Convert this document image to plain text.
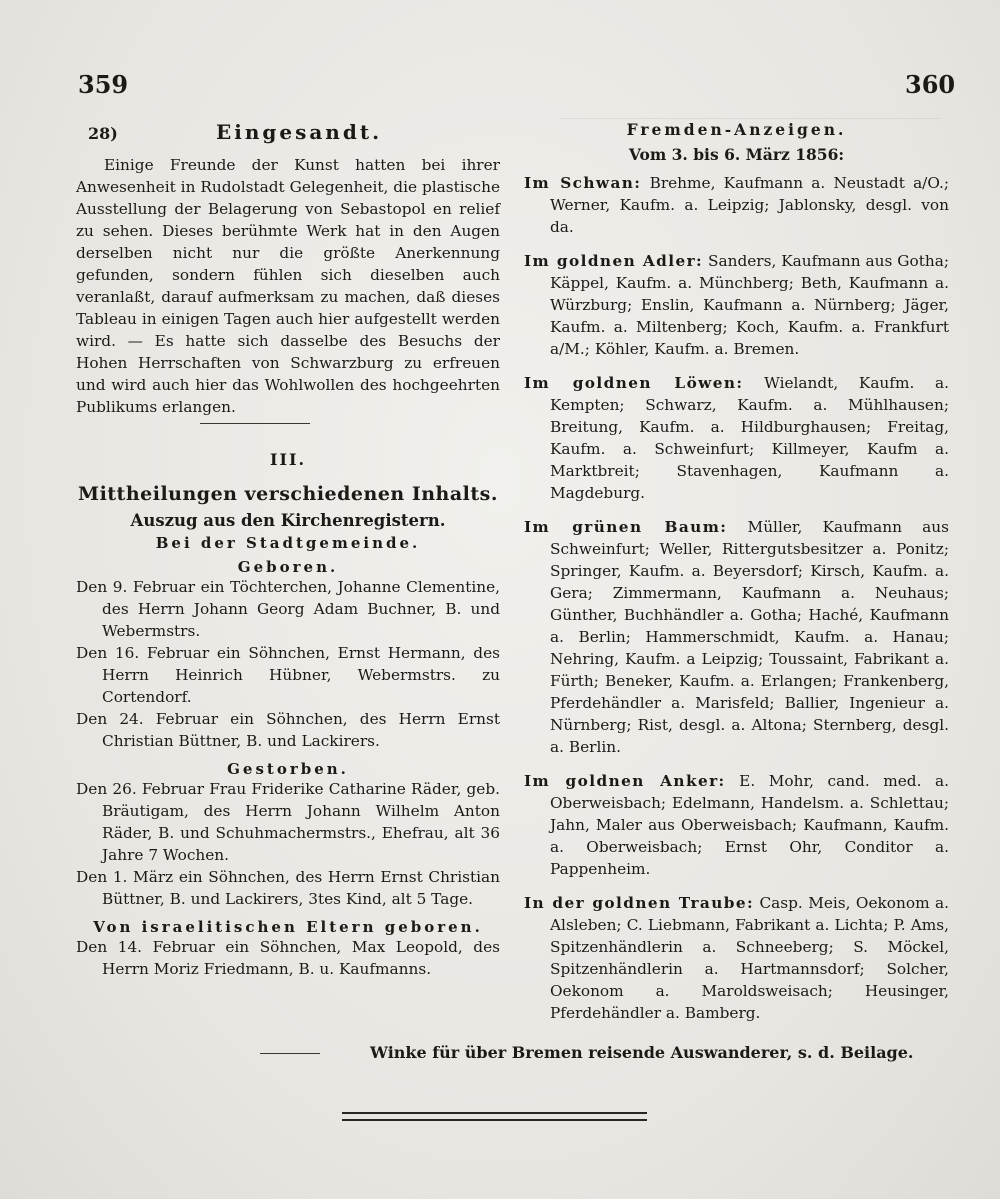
359	360
28)	Eingesandt.

Einige Freunde der Kunst hatten bei ihrer Anwesenheit in Rudolstadt Gelegenheit, die plastische Ausstellung der Belagerung von Sebastopol en relief zu sehen. Dieses berühmte Werk hat in den Augen derselben nicht nur die größte Anerkennung gefunden, sondern fühlen sich dieselben auch veranlaßt, darauf aufmerksam zu machen, daß dieses Tableau in einigen Tagen auch hier aufgestellt werden wird. — Es hatte sich dasselbe des Besuchs der Hohen Herrschaften von Schwarzburg zu erfreuen und wird auch hier das Wohlwollen des hochgeehrten Publikums erlangen.

III.
Mittheilungen verschiedenen Inhalts.
Auszug aus den Kirchenregistern.
Bei der Stadtgemeinde.
Geboren.

Den 9. Februar ein Töchterchen, Johanne Clementine, des Herrn Johann Georg Adam Buchner, B. und Webermstrs.

Den 16. Februar ein Söhnchen, Ernst Hermann, des Herrn Heinrich Hübner, Webermstrs. zu Cortendorf.

Den 24. Februar ein Söhnchen, des Herrn Ernst Christian Büttner, B. und Lackirers.

Gestorben.

Den 26. Februar Frau Friderike Catharine Räder, geb. Bräutigam, des Herrn Johann Wilhelm Anton Räder, B. und Schuhmachermstrs., Ehefrau, alt 36 Jahre 7 Wochen.

Den 1. März ein Söhnchen, des Herrn Ernst Christian Büttner, B. und Lackirers, 3tes Kind, alt 5 Tage.

Von israelitischen Eltern geboren.

Den 14. Februar ein Söhnchen, Max Leopold, des Herrn Moriz Friedmann, B. u. Kaufmanns.

Fremden-Anzeigen.
Vom 3. bis 6. März 1856:

Im Schwan: Brehme, Kaufmann a. Neustadt a/O.; Werner, Kaufm. a. Leipzig; Jablonsky, desgl. von da.

Im goldnen Adler: Sanders, Kaufmann aus Gotha; Käppel, Kaufm. a. Münchberg; Beth, Kaufmann a. Würzburg; Enslin, Kaufmann a. Nürnberg; Jäger, Kaufm. a. Miltenberg; Koch, Kaufm. a. Frankfurt a/M.; Köhler, Kaufm. a. Bremen.

Im goldnen Löwen: Wielandt, Kaufm. a. Kempten; Schwarz, Kaufm. a. Mühlhausen; Breitung, Kaufm. a. Hildburghausen; Freitag, Kaufm. a. Schweinfurt; Killmeyer, Kaufm a. Marktbreit; Stavenhagen, Kaufmann a. Magdeburg.

Im grünen Baum: Müller, Kaufmann aus Schweinfurt; Weller, Rittergutsbesitzer a. Ponitz; Springer, Kaufm. a. Beyersdorf; Kirsch, Kaufm. a. Gera; Zimmermann, Kaufmann a. Neuhaus; Günther, Buchhändler a. Gotha; Haché, Kaufmann a. Berlin; Hammerschmidt, Kaufm. a. Hanau; Nehring, Kaufm. a Leipzig; Toussaint, Fabrikant a. Fürth; Beneker, Kaufm. a. Erlangen; Frankenberg, Pferdehändler a. Marisfeld; Ballier, Ingenieur a. Nürnberg; Rist, desgl. a. Altona; Sternberg, desgl. a. Berlin.

Im goldnen Anker: E. Mohr, cand. med. a. Oberweisbach; Edelmann, Handelsm. a. Schlettau; Jahn, Maler aus Oberweisbach; Kaufmann, Kaufm. a. Oberweisbach; Ernst Ohr, Conditor a. Pappenheim.

In der goldnen Traube: Casp. Meis, Oekonom a. Alsleben; C. Liebmann, Fabrikant a. Lichta; P. Ams, Spitzenhändlerin a. Schneeberg; S. Möckel, Spitzenhändlerin a. Hartmannsdorf; Solcher, Oekonom a. Maroldsweisach; Heusinger, Pferdehändler a. Bamberg.

Winke für über Bremen reisende Auswanderer, s. d. Beilage.
